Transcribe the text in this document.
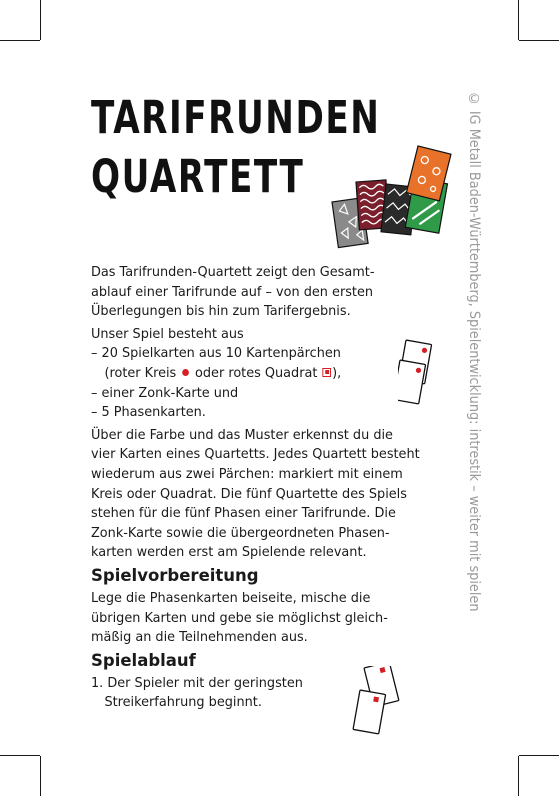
TARIFRUNDEN
QUARTETT	© IG Metall Baden-Württemberg, Spielentwicklung: intrestik – weiter mit spielen
Das Tarifrunden-Quartett zeigt den Gesamt-
ablauf einer Tarifrunde auf – von den ersten
Überlegungen bis hin zum Tarifergebnis.
Unser Spiel besteht aus
– 20 Spielkarten aus 10 Kartenpärchen
(roter Kreis oder rotes Quadrat ),
– einer Zonk-Karte und
– 5 Phasenkarten.
Über die Farbe und das Muster erkennst du die
vier Karten eines Quartetts. Jedes Quartett besteht
wiederum aus zwei Pärchen: markiert mit einem
Kreis oder Quadrat. Die fünf Quartette des Spiels
stehen für die fünf Phasen einer Tarifrunde. Die
Zonk-Karte sowie die übergeordneten Phasen-
karten werden erst am Spielende relevant.
Spielvorbereitung
Lege die Phasenkarten beiseite, mische die
übrigen Karten und gebe sie möglichst gleich-
mäßig an die Teilnehmenden aus.
Spielablauf
1. Der Spieler mit der geringsten
Streikerfahrung beginnt.
